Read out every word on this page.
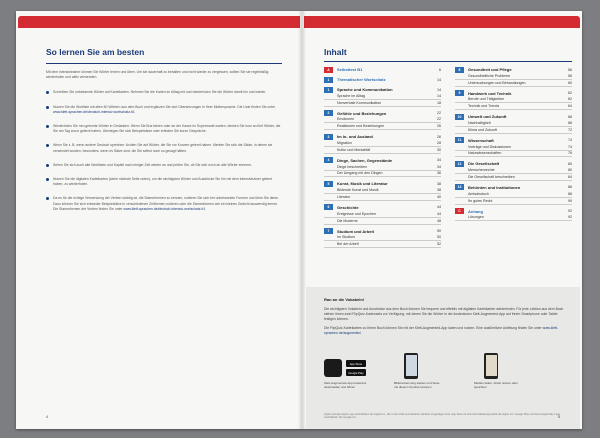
So lernen Sie am besten

Mit dem Intensivtrainer können Sie Wörter lernen und üben. Um sie dauerhaft zu behalten und nicht wieder zu vergessen, sollten Sie sie regelmäßig wiederholen und aktiv verwenden.

Schreiben Sie unbekannte Wörter auf Karteikarten. Nehmen Sie die Karten im Alltag mit und wiederholen Sie die Wörter damit hin und wieder.

Nutzen Sie die Wortliste mit allen 60 Wörtern aus dem Buch und ergänzen Sie dort Übersetzungen in Ihrer Muttersprache. Die Liste finden Sie unter www.klett-sprachen.de/deutsch-intensiv-wortschatz-b1

Wiederholen Sie neu gelernte Wörter in Gedanken: Wenn Sie Bus fahren oder an der Kasse im Supermarkt warten, denken Sie kurz an fünf Wörter, die Sie am Tag zuvor gelernt haben. Überlegen Sie sich Beispielsätze oder erfinden Sie kurze Gespräche.

Wenn Sie z. B. wenn andere Deutsch sprechen: Achten Sie auf Wörter, die Sie vor Kurzem gelernt haben. Merken Sie sich die Sätze, in denen sie verwendet wurden, besonders, wenn es Sätze sind, die Sie selbst noch so gesagt hätten.

Sehen Sie sich auch alte Wortlisten und Kapitel nach einiger Zeit wieder an und prüfen Sie, ob Sie sich noch an alle Wörter erinnern.

Nutzen Sie die digitalen Karteikarten (siehe nächste Seite unten), um die wichtigsten Wörter und Ausdrücke Sie hin mit dem Intensivtrainer gelernt haben, zu wiederholen.

Da es für die richtige Verwendung der Verben wichtig ist, die Stammformen zu kennen, notieren Sie sich bei unbekannten Formen und üben Sie diese. Dazu können Sie sich entweder Beispielsätze in verschiedenen Zeitformen notieren oder die Stammformen wie ein kleines Gedicht auswendig lernen. Die Stammformen der Verben finden Sie unter www.klett-sprachen.de/deutsch-intensiv-wortschatz-b1

4
Inhalt
A	Selbsttest B1	6
1	Thematischer Wortschatz	14
1	Sprache und Kommunikation	14
Sprache im Alltag	14
Nonverbale Kommunikation	18
2	Gefühle und Beziehungen	22
Emotionen	22
Reaktionen und Beziehungen	26
3	Im In- und Ausland	26
Migration	28
Kultur und Mentalität	30
4	Dinge, Sachen, Gegenstände	34
Dinge beschreiben	34
Der Umgang mit den Dingen	36
5	Kunst, Musik und Literatur	38
Bildende Kunst und Musik	38
Literatur	40
6	Geschichte	44
Ereignisse und Epochen	44
Die Moderne	48
7	Studium und Arbeit	50
Im Studium	50
Bei der Arbeit	52
8	Gesundheit und Pflege	56
Gesundheitliche Probleme	56
Untersuchungen und Behandlungen	60
9	Handwerk und Technik	62
Berufe und Tätigkeiten	62
Technik und Trends	64
10	Umwelt und Zukunft	68
Nachhaltigkeit	68
Klima und Zukunft	72
11	Wissenschaft	74
Vorträge und Diskussionen	74
Naturwissenschaften	76
12	Die Gesellschaft	80
Menschenrechte	80
Die Gesellschaft beschreiben	84
13	Behörden und Institutionen	86
Amtsdeutsch	86
Ihr gutes Recht	90
C	Anhang	92
Lösungen	92
Ran an die Vokabeln!

Die wichtigsten Vokabeln und Ausdrücke aus dem Buch können Sie bequem und effektiv mit digitalen Karteikarten wiederholen. Für jede Lektion aus dem Buch stehen Ihnen zwei FlipQuiz-Kartensets zur Verfügung, mit denen Sie die Wörter in der kostenlosen Klett-Augmented-App auf Ihrem Smartphone oder Tablet festigen können.

Die FlipQuiz-Karteikarten zu Ihrem Buch können Sie mit der Klett-Augmented-App laden und nutzen. Eine ausführliche Anleitung finden Sie unter www.klett-sprachen.de/augmented

App Store
Google Play
Klett-Augmented-App kostenlos downloaden und öffnen
Bildererkennung starten und Seite mit diesem Symbol scannen
Medien laden, direkt nutzen oder speichern
Apple und das Apple Logo sind Marken der Apple Inc., die in den USA und weiteren Ländern eingetragen sind. App Store ist eine Dienstleistungsmarke der Apple Inc. Google Play und das Google Play Logo sind Marken der Google Inc.	5
